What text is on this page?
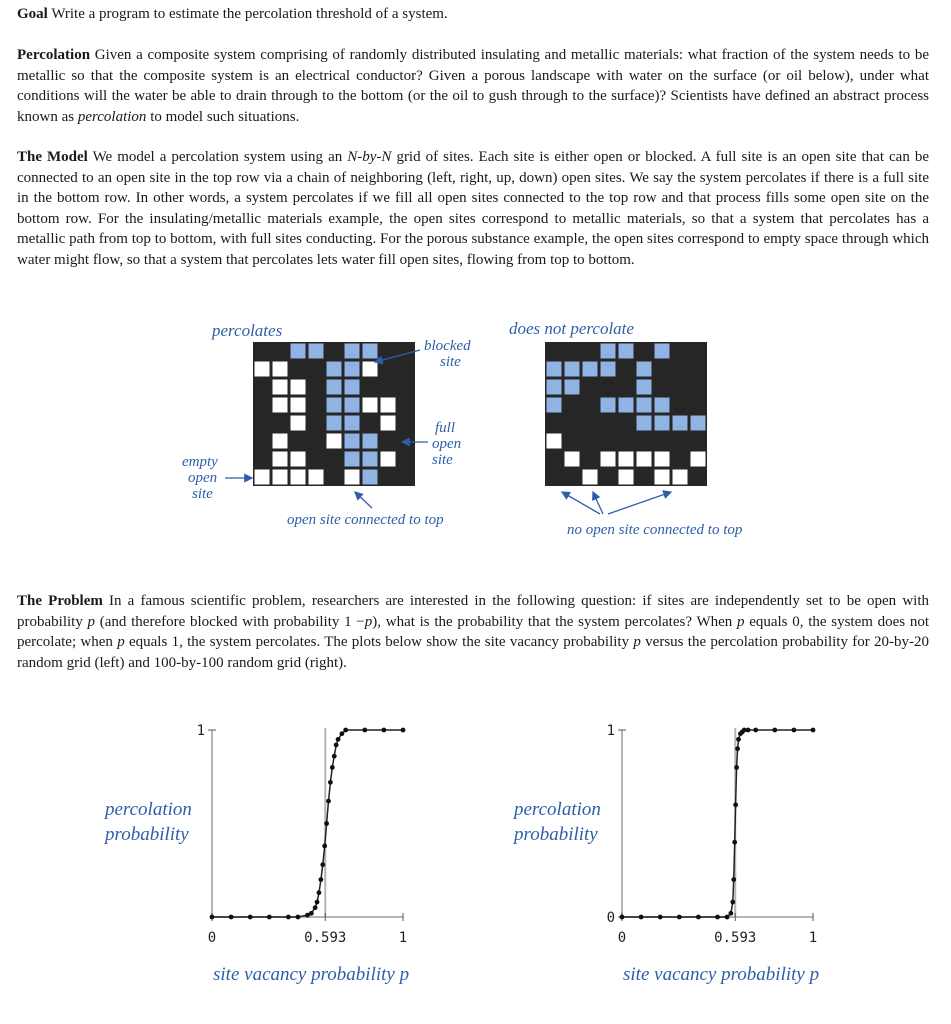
Goal Write a program to estimate the percolation threshold of a system.
Percolation Given a composite system comprising of randomly distributed insulating and metallic materials: what fraction of the system needs to be metallic so that the composite system is an electrical conductor? Given a porous landscape with water on the surface (or oil below), under what conditions will the water be able to drain through to the bottom (or the oil to gush through to the surface)? Scientists have defined an abstract process known as percolation to model such situations.
The Model We model a percolation system using an N-by-N grid of sites. Each site is either open or blocked. A full site is an open site that can be connected to an open site in the top row via a chain of neighboring (left, right, up, down) open sites. We say the system percolates if there is a full site in the bottom row. In other words, a system percolates if we fill all open sites connected to the top row and that process fills some open site on the bottom row. For the insulating/metallic materials example, the open sites correspond to metallic materials, so that a system that percolates has a metallic path from top to bottom, with full sites conducting. For the porous substance example, the open sites correspond to empty space through which water might flow, so that a system that percolates lets water fill open sites, flowing from top to bottom.
percolates	does not percolate
blocked
site
full
open
site
empty
open
site
open site connected to top
no open site connected to top
The Problem In a famous scientific problem, researchers are interested in the following question: if sites are independently set to be open with probability p (and therefore blocked with probability 1 −p), what is the probability that the system percolates? When p equals 0, the system does not percolate; when p equals 1, the system percolates. The plots below show the site vacancy probability p versus the percolation probability for 20-by-20 random grid (left) and 100-by-100 random grid (right).
0	0.593	1
1
percolation
probability
site vacancy probability p
0	0.593	1
0
1
percolation
probability
site vacancy probability p
